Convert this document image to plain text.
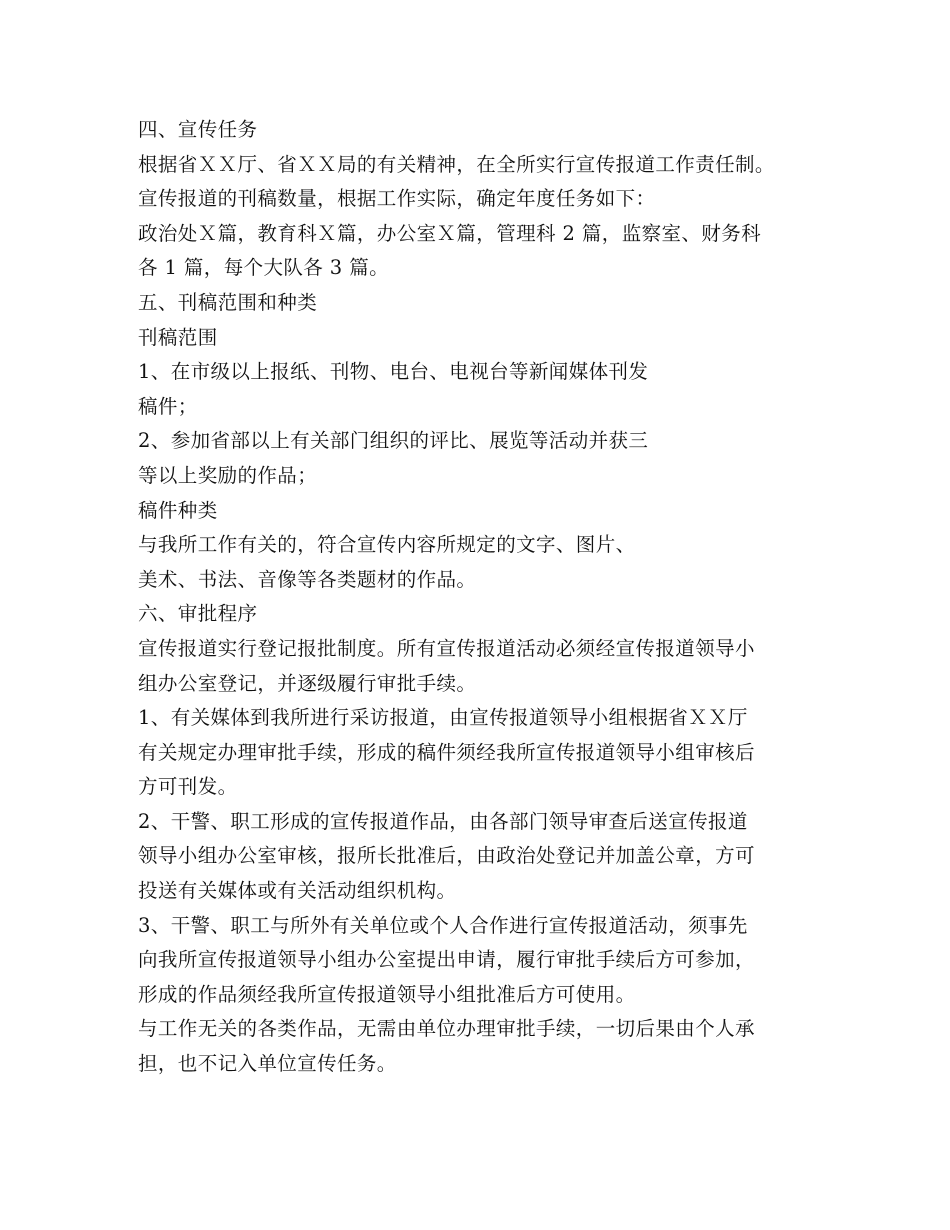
四、宣传任务
根据省ＸＸ厅、省ＸＸ局的有关精神，在全所实行宣传报道工作责任制。
宣传报道的刊稿数量，根据工作实际，确定年度任务如下：
政治处Ｘ篇，教育科Ｘ篇，办公室Ｘ篇，管理科 2 篇，监察室、财务科
各 1 篇，每个大队各 3 篇。
五、刊稿范围和种类
刊稿范围
1、在市级以上报纸、刊物、电台、电视台等新闻媒体刊发
稿件；
2、参加省部以上有关部门组织的评比、展览等活动并获三
等以上奖励的作品；
稿件种类
与我所工作有关的，符合宣传内容所规定的文字、图片、
美术、书法、音像等各类题材的作品。
六、审批程序
宣传报道实行登记报批制度。所有宣传报道活动必须经宣传报道领导小
组办公室登记，并逐级履行审批手续。
1、有关媒体到我所进行采访报道，由宣传报道领导小组根据省ＸＸ厅
有关规定办理审批手续，形成的稿件须经我所宣传报道领导小组审核后
方可刊发。
2、干警、职工形成的宣传报道作品，由各部门领导审查后送宣传报道
领导小组办公室审核，报所长批准后，由政治处登记并加盖公章，方可
投送有关媒体或有关活动组织机构。
3、干警、职工与所外有关单位或个人合作进行宣传报道活动，须事先
向我所宣传报道领导小组办公室提出申请，履行审批手续后方可参加，
形成的作品须经我所宣传报道领导小组批准后方可使用。
与工作无关的各类作品，无需由单位办理审批手续，一切后果由个人承
担，也不记入单位宣传任务。
